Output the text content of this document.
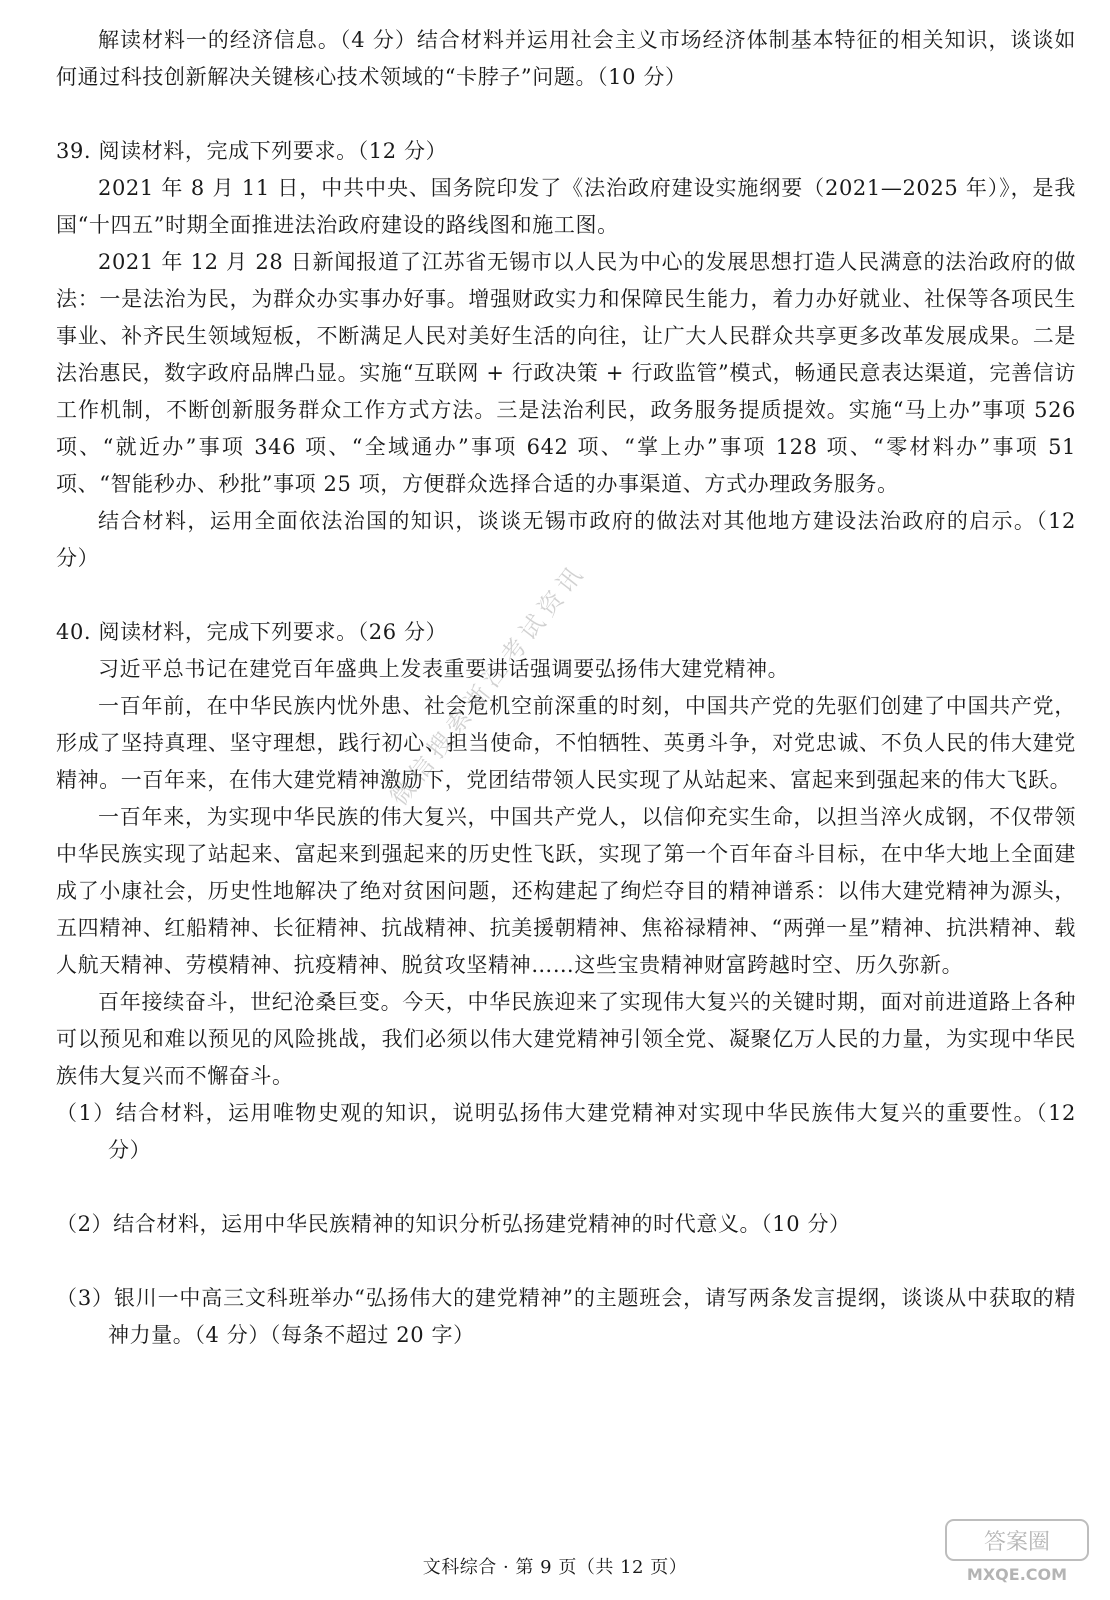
解读材料一的经济信息。（4 分）结合材料并运用社会主义市场经济体制基本特征的相关知识，谈谈如何通过科技创新解决关键核心技术领域的“卡脖子”问题。（10 分）

39. 阅读材料，完成下列要求。（12 分）

2021 年 8 月 11 日，中共中央、国务院印发了《法治政府建设实施纲要（2021—2025 年）》，是我国“十四五”时期全面推进法治政府建设的路线图和施工图。

2021 年 12 月 28 日新闻报道了江苏省无锡市以人民为中心的发展思想打造人民满意的法治政府的做法：一是法治为民，为群众办实事办好事。增强财政实力和保障民生能力，着力办好就业、社保等各项民生事业、补齐民生领域短板，不断满足人民对美好生活的向往，让广大人民群众共享更多改革发展成果。二是法治惠民，数字政府品牌凸显。实施“互联网 + 行政决策 + 行政监管”模式，畅通民意表达渠道，完善信访工作机制，不断创新服务群众工作方式方法。三是法治利民，政务服务提质提效。实施“马上办”事项 526 项、“就近办”事项 346 项、“全域通办”事项 642 项、“掌上办”事项 128 项、“零材料办”事项 51 项、“智能秒办、秒批”事项 25 项，方便群众选择合适的办事渠道、方式办理政务服务。

结合材料，运用全面依法治国的知识，谈谈无锡市政府的做法对其他地方建设法治政府的启示。（12 分）

40. 阅读材料，完成下列要求。（26 分）

习近平总书记在建党百年盛典上发表重要讲话强调要弘扬伟大建党精神。

一百年前，在中华民族内忧外患、社会危机空前深重的时刻，中国共产党的先驱们创建了中国共产党，形成了坚持真理、坚守理想，践行初心、担当使命，不怕牺牲、英勇斗争，对党忠诚、不负人民的伟大建党精神。一百年来，在伟大建党精神激励下，党团结带领人民实现了从站起来、富起来到强起来的伟大飞跃。

一百年来，为实现中华民族的伟大复兴，中国共产党人，以信仰充实生命，以担当淬火成钢，不仅带领中华民族实现了站起来、富起来到强起来的历史性飞跃，实现了第一个百年奋斗目标，在中华大地上全面建成了小康社会，历史性地解决了绝对贫困问题，还构建起了绚烂夺目的精神谱系：以伟大建党精神为源头，五四精神、红船精神、长征精神、抗战精神、抗美援朝精神、焦裕禄精神、“两弹一星”精神、抗洪精神、载人航天精神、劳模精神、抗疫精神、脱贫攻坚精神……这些宝贵精神财富跨越时空、历久弥新。

百年接续奋斗，世纪沧桑巨变。今天，中华民族迎来了实现伟大复兴的关键时期，面对前进道路上各种可以预见和难以预见的风险挑战，我们必须以伟大建党精神引领全党、凝聚亿万人民的力量，为实现中华民族伟大复兴而不懈奋斗。

（1）结合材料，运用唯物史观的知识，说明弘扬伟大建党精神对实现中华民族伟大复兴的重要性。（12 分）

（2）结合材料，运用中华民族精神的知识分析弘扬建党精神的时代意义。（10 分）

（3）银川一中高三文科班举办“弘扬伟大的建党精神”的主题班会，请写两条发言提纲，谈谈从中获取的精神力量。（4 分）（每条不超过 20 字）

微信搜索浙江考试资讯
文科综合 · 第 9 页（共 12 页）
答案圈
MXQE.COM
